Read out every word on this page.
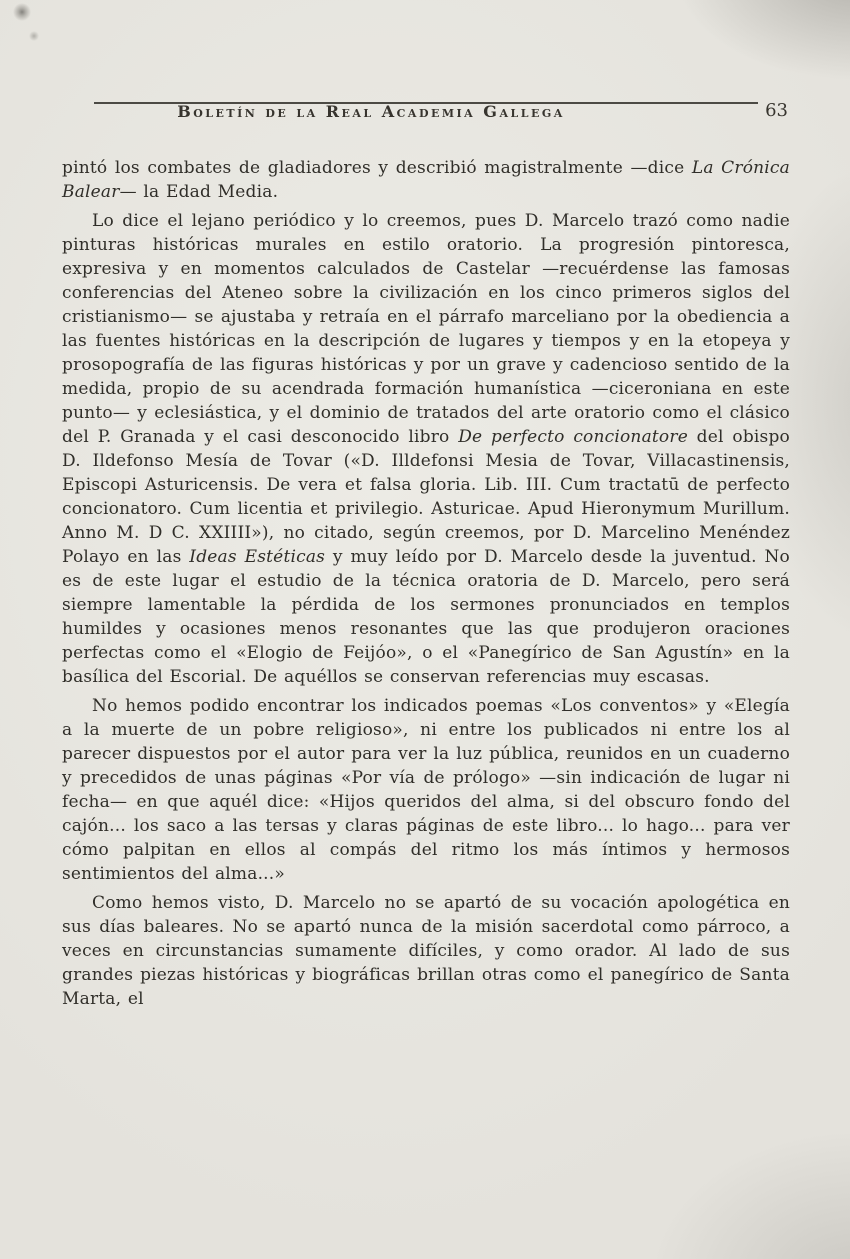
Boletín de la Real Academia Gallega	63

pintó los combates de gladiadores y describió magistralmente —dice La Crónica Balear— la Edad Media.

Lo dice el lejano periódico y lo creemos, pues D. Marcelo trazó como nadie pinturas históricas murales en estilo oratorio. La progresión pintoresca, expresiva y en momentos calculados de Castelar —recuérdense las famosas conferencias del Ateneo sobre la civilización en los cinco primeros siglos del cristianismo— se ajustaba y retraía en el párrafo marceliano por la obediencia a las fuentes históricas en la descripción de lugares y tiempos y en la etopeya y prosopografía de las figuras históricas y por un grave y cadencioso sentido de la medida, propio de su acendrada formación humanística —ciceroniana en este punto— y eclesiástica, y el dominio de tratados del arte oratorio como el clásico del P. Granada y el casi desconocido libro De perfecto concionatore del obispo D. Ildefonso Mesía de Tovar («D. Illdefonsi Mesia de Tovar, Villacastinensis, Episcopi Asturicensis. De vera et falsa gloria. Lib. III. Cum tractatū de perfecto concionatoro. Cum licentia et privilegio. Asturicae. Apud Hieronymum Murillum. Anno M. D C. XXIIII»), no citado, según creemos, por D. Marcelino Menéndez Polayo en las Ideas Estéticas y muy leído por D. Marcelo desde la juventud. No es de este lugar el estudio de la técnica oratoria de D. Marcelo, pero será siempre lamentable la pérdida de los sermones pronunciados en templos humildes y ocasiones menos resonantes que las que produjeron oraciones perfectas como el «Elogio de Feijóo», o el «Panegírico de San Agustín» en la basílica del Escorial. De aquéllos se conservan referencias muy escasas.

No hemos podido encontrar los indicados poemas «Los conventos» y «Elegía a la muerte de un pobre religioso», ni entre los publicados ni entre los al parecer dispuestos por el autor para ver la luz pública, reunidos en un cuaderno y precedidos de unas páginas «Por vía de prólogo» —sin indicación de lugar ni fecha— en que aquél dice: «Hijos queridos del alma, si del obscuro fondo del cajón... los saco a las tersas y claras páginas de este libro... lo hago... para ver cómo palpitan en ellos al compás del ritmo los más íntimos y hermosos sentimientos del alma...»

Como hemos visto, D. Marcelo no se apartó de su vocación apologética en sus días baleares. No se apartó nunca de la misión sacerdotal como párroco, a veces en circunstancias sumamente difíciles, y como orador. Al lado de sus grandes piezas históricas y biográficas brillan otras como el panegírico de Santa Marta, el
